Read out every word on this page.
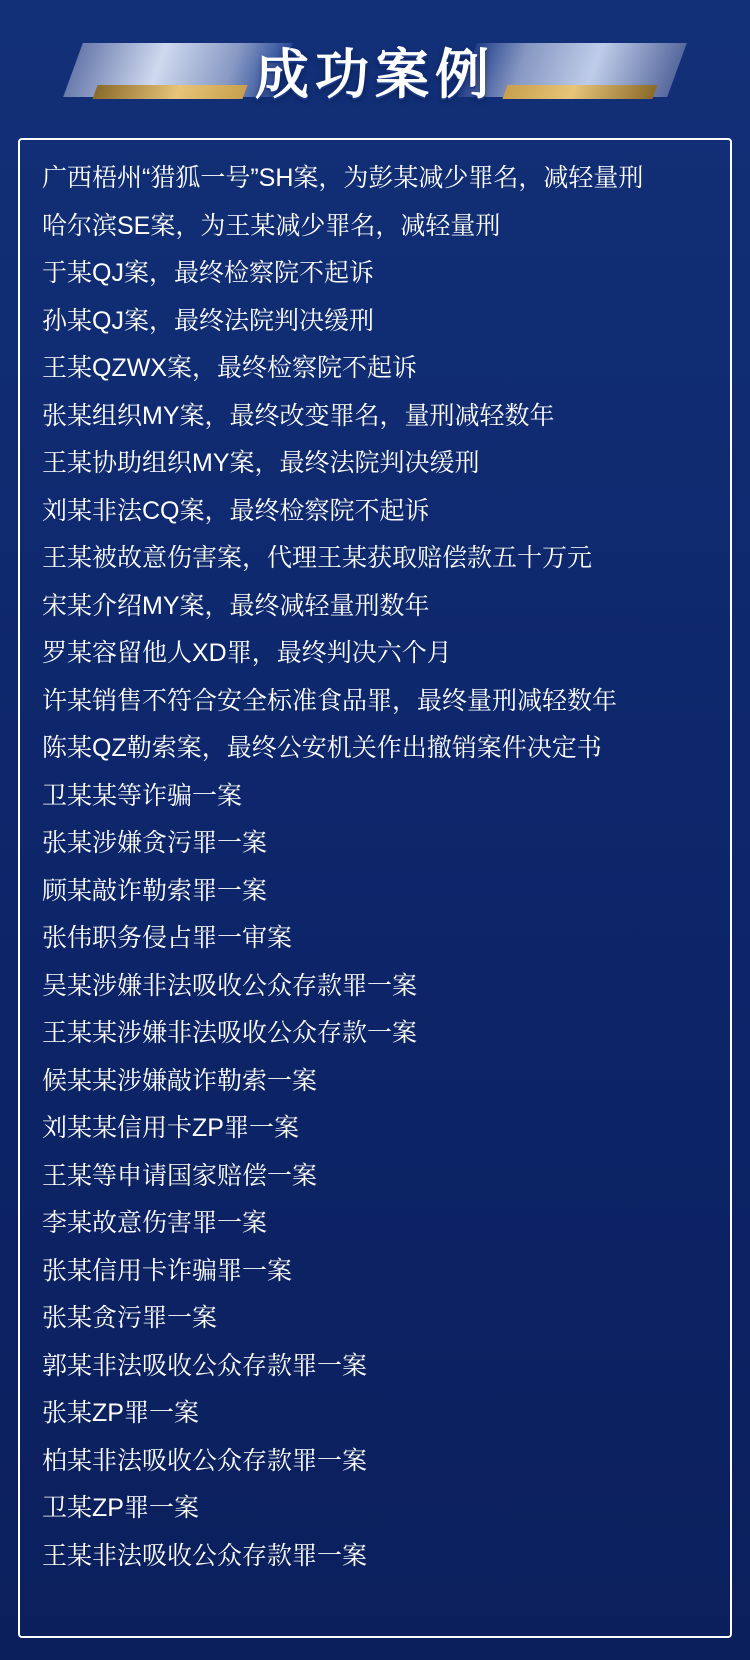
成功案例
广西梧州“猎狐一号”SH案，为彭某减少罪名，减轻量刑
哈尔滨SE案，为王某减少罪名，减轻量刑
于某QJ案，最终检察院不起诉
孙某QJ案，最终法院判决缓刑
王某QZWX案，最终检察院不起诉
张某组织MY案，最终改变罪名，量刑减轻数年
王某协助组织MY案，最终法院判决缓刑
刘某非法CQ案，最终检察院不起诉
王某被故意伤害案，代理王某获取赔偿款五十万元
宋某介绍MY案，最终减轻量刑数年
罗某容留他人XD罪，最终判决六个月
许某销售不符合安全标准食品罪，最终量刑减轻数年
陈某QZ勒索案，最终公安机关作出撤销案件决定书
卫某某等诈骗一案
张某涉嫌贪污罪一案
顾某敲诈勒索罪一案
张伟职务侵占罪一审案
吴某涉嫌非法吸收公众存款罪一案
王某某涉嫌非法吸收公众存款一案
候某某涉嫌敲诈勒索一案
刘某某信用卡ZP罪一案
王某等申请国家赔偿一案
李某故意伤害罪一案
张某信用卡诈骗罪一案
张某贪污罪一案
郭某非法吸收公众存款罪一案
张某ZP罪一案
柏某非法吸收公众存款罪一案
卫某ZP罪一案
王某非法吸收公众存款罪一案
